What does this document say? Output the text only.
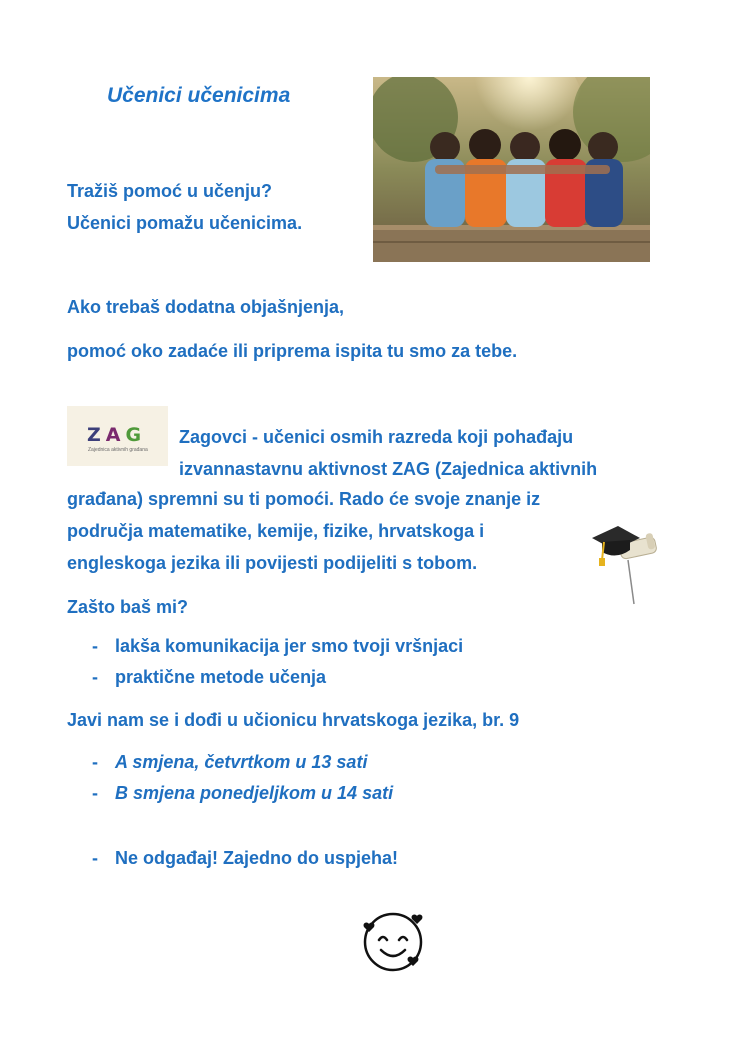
Učenici učenicima
Tražiš pomoć u učenju?
Učenici pomažu učenicima.
Ako trebaš dodatna objašnjenja,
pomoć oko zadaće ili priprema ispita tu smo za tebe.
ZAG
Zajednica aktivnih građana
Zagovci - učenici osmih razreda koji pohađaju
izvannastavnu aktivnost ZAG (Zajednica aktivnih
građana) spremni su ti pomoći. Rado će svoje znanje iz
područja matematike, kemije, fizike, hrvatskoga i
engleskoga jezika ili povijesti podijeliti s tobom.
Zašto baš mi?
- lakša komunikacija jer smo tvoji vršnjaci
- praktične metode učenja
Javi nam se i dođi u učionicu hrvatskoga jezika, br. 9
- A smjena, četvrtkom u 13 sati
- B smjena ponedjeljkom u 14 sati
- Ne odgađaj! Zajedno do uspjeha!
